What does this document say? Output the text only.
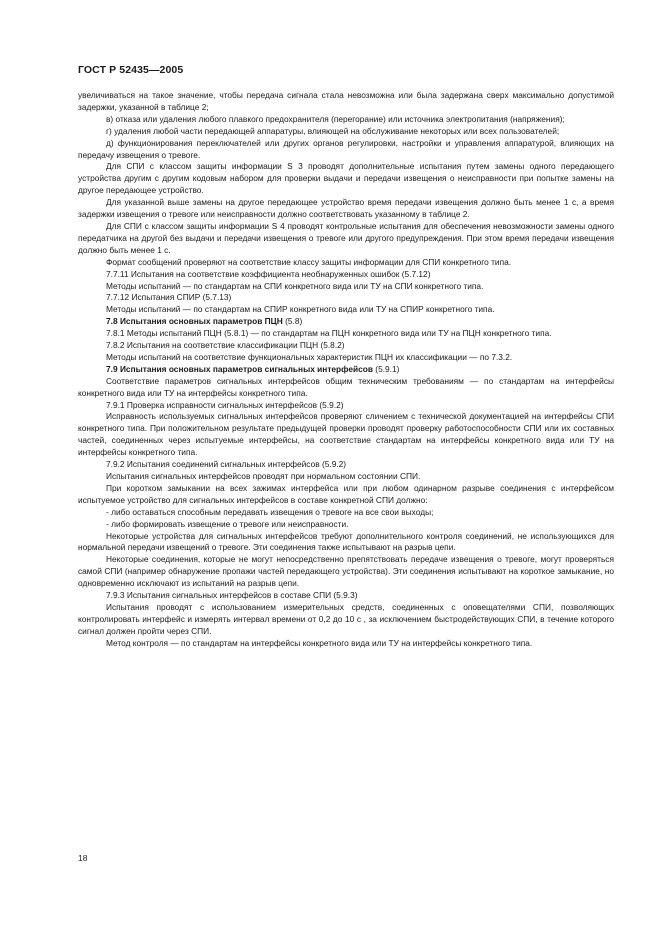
ГОСТ Р 52435—2005

увеличиваться на такое значение, чтобы передача сигнала стала невозможна или была задержана сверх максимально допустимой задержки, указанной в таблице 2;

в) отказа или удаления любого плавкого предохранителя (перегорание) или источника электропитания (напряжения);

г) удаления любой части передающей аппаратуры, влияющей на обслуживание некоторых или всех пользователей;

д) функционирования переключателей или других органов регулировки, настройки и управления аппаратурой, влияющих на передачу извещения о тревоге.

Для СПИ с классом защиты информации S 3 проводят дополнительные испытания путем замены одного передающего устройства другим с другим кодовым набором для проверки выдачи и передачи извещения о неисправности при попытке замены на другое передающее устройство.

Для указанной выше замены на другое передающее устройство время передачи извещения должно быть менее 1 с, а время задержки извещения о тревоге или неисправности должно соответствовать указанному в таблице 2.

Для СПИ с классом защиты информации S 4 проводят контрольные испытания для обеспечения невозможности замены одного передатчика на другой без выдачи и передачи извещения о тревоге или другого предупреждения. При этом время передачи извещения должно быть менее 1 с.

Формат сообщений проверяют на соответствие классу защиты информации для СПИ конкретного типа.

7.7.11 Испытания на соответствие коэффициента необнаруженных ошибок (5.7.12)

Методы испытаний — по стандартам на СПИ конкретного вида или ТУ на СПИ конкретного типа.

7.7.12 Испытания СПИР (5.7.13)

Методы испытаний — по стандартам на СПИР конкретного вида или ТУ на СПИР конкретного типа.

7.8 Испытания основных параметров ПЦН (5.8)

7.8.1 Методы испытаний ПЦН (5.8.1) — по стандартам на ПЦН конкретного вида или ТУ на ПЦН конкретного типа.

7.8.2 Испытания на соответствие классификации ПЦН (5.8.2)

Методы испытаний на соответствие функциональных характеристик ПЦН их классификации — по 7.3.2.

7.9 Испытания основных параметров сигнальных интерфейсов (5.9.1)

Соответствие параметров сигнальных интерфейсов общим техническим требованиям — по стандартам на интерфейсы конкретного вида или ТУ на интерфейсы конкретного типа.

7.9.1 Проверка исправности сигнальных интерфейсов (5.9.2)

Исправность используемых сигнальных интерфейсов проверяют сличением с технической документацией на интерфейсы СПИ конкретного типа. При положительном результате предыдущей проверки проводят проверку работоспособности СПИ или их составных частей, соединенных через испытуемые интерфейсы, на соответствие стандартам на интерфейсы конкретного вида или ТУ на интерфейсы конкретного типа.

7.9.2 Испытания соединений сигнальных интерфейсов (5.9.2)

Испытания сигнальных интерфейсов проводят при нормальном состоянии СПИ.

При коротком замыкании на всех зажимах интерфейса или при любом одинарном разрыве соединения с интерфейсом испытуемое устройство для сигнальных интерфейсов в составе конкретной СПИ должно:

- либо оставаться способным передавать извещения о тревоге на все свои выходы;

- либо формировать извещение о тревоге или неисправности.

Некоторые устройства для сигнальных интерфейсов требуют дополнительного контроля соединений, не использующихся для нормальной передачи извещений о тревоге. Эти соединения также испытывают на разрыв цепи.

Некоторые соединения, которые не могут непосредственно препятствовать передаче извещения о тревоге, могут проверяться самой СПИ (например обнаружение пропажи частей передающего устройства). Эти соединения испытывают на короткое замыкание, но одновременно исключают из испытаний на разрыв цепи.

7.9.3 Испытания сигнальных интерфейсов в составе СПИ (5.9.3)

Испытания проводят с использованием измерительных средств, соединенных с оповещателями СПИ, позволяющих контролировать интерфейс и измерять интервал времени от 0,2 до 10 с , за исключением быстродействующих СПИ, в течение которого сигнал должен пройти через СПИ.

Метод контроля — по стандартам на интерфейсы конкретного вида или ТУ на интерфейсы конкретного типа.

18
